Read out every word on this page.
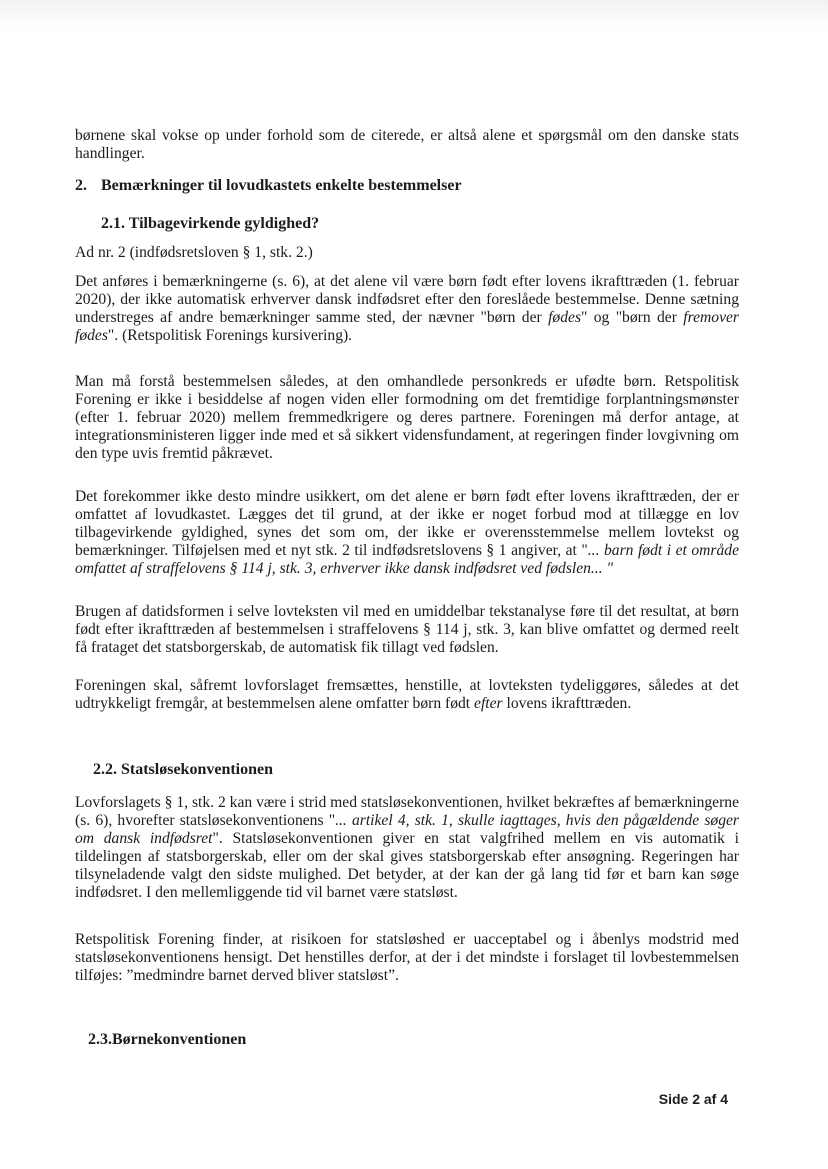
børnene skal vokse op under forhold som de citerede, er altså alene et spørgsmål om den danske stats handlinger.

2. Bemærkninger til lovudkastets enkelte bestemmelser
2.1. Tilbagevirkende gyldighed?

Ad nr. 2 (indfødsretsloven § 1, stk. 2.)

Det anføres i bemærkningerne (s. 6), at det alene vil være børn født efter lovens ikrafttræden (1. februar 2020), der ikke automatisk erhverver dansk indfødsret efter den foreslåede bestemmelse. Denne sætning understreges af andre bemærkninger samme sted, der nævner "børn der fødes" og "børn der fremover fødes". (Retspolitisk Forenings kursivering).

Man må forstå bestemmelsen således, at den omhandlede personkreds er ufødte børn. Retspolitisk Forening er ikke i besiddelse af nogen viden eller formodning om det fremtidige forplantningsmønster (efter 1. februar 2020) mellem fremmedkrigere og deres partnere. Foreningen må derfor antage, at integrationsministeren ligger inde med et så sikkert vidensfundament, at regeringen finder lovgivning om den type uvis fremtid påkrævet.

Det forekommer ikke desto mindre usikkert, om det alene er børn født efter lovens ikrafttræden, der er omfattet af lovudkastet. Lægges det til grund, at der ikke er noget forbud mod at tillægge en lov tilbagevirkende gyldighed, synes det som om, der ikke er overensstemmelse mellem lovtekst og bemærkninger. Tilføjelsen med et nyt stk. 2 til indfødsretslovens § 1 angiver, at "... barn født i et område omfattet af straffelovens § 114 j, stk. 3, erhverver ikke dansk indfødsret ved fødslen... "

Brugen af datidsformen i selve lovteksten vil med en umiddelbar tekstanalyse føre til det resultat, at børn født efter ikrafttræden af bestemmelsen i straffelovens § 114 j, stk. 3, kan blive omfattet og dermed reelt få frataget det statsborgerskab, de automatisk fik tillagt ved fødslen.

Foreningen skal, såfremt lovforslaget fremsættes, henstille, at lovteksten tydeliggøres, således at det udtrykkeligt fremgår, at bestemmelsen alene omfatter børn født efter lovens ikrafttræden.

2.2. Statsløsekonventionen

Lovforslagets § 1, stk. 2 kan være i strid med statsløsekonventionen, hvilket bekræftes af bemærkningerne (s. 6), hvorefter statsløsekonventionens "... artikel 4, stk. 1, skulle iagttages, hvis den pågældende søger om dansk indfødsret". Statsløsekonventionen giver en stat valgfrihed mellem en vis automatik i tildelingen af statsborgerskab, eller om der skal gives statsborgerskab efter ansøgning. Regeringen har tilsyneladende valgt den sidste mulighed. Det betyder, at der kan der gå lang tid før et barn kan søge indfødsret. I den mellemliggende tid vil barnet være statsløst.

Retspolitisk Forening finder, at risikoen for statsløshed er uacceptabel og i åbenlys modstrid med statsløsekonventionens hensigt. Det henstilles derfor, at der i det mindste i forslaget til lovbestemmelsen tilføjes: ”medmindre barnet derved bliver statsløst”.

2.3.Børnekonventionen
Side 2 af 4
